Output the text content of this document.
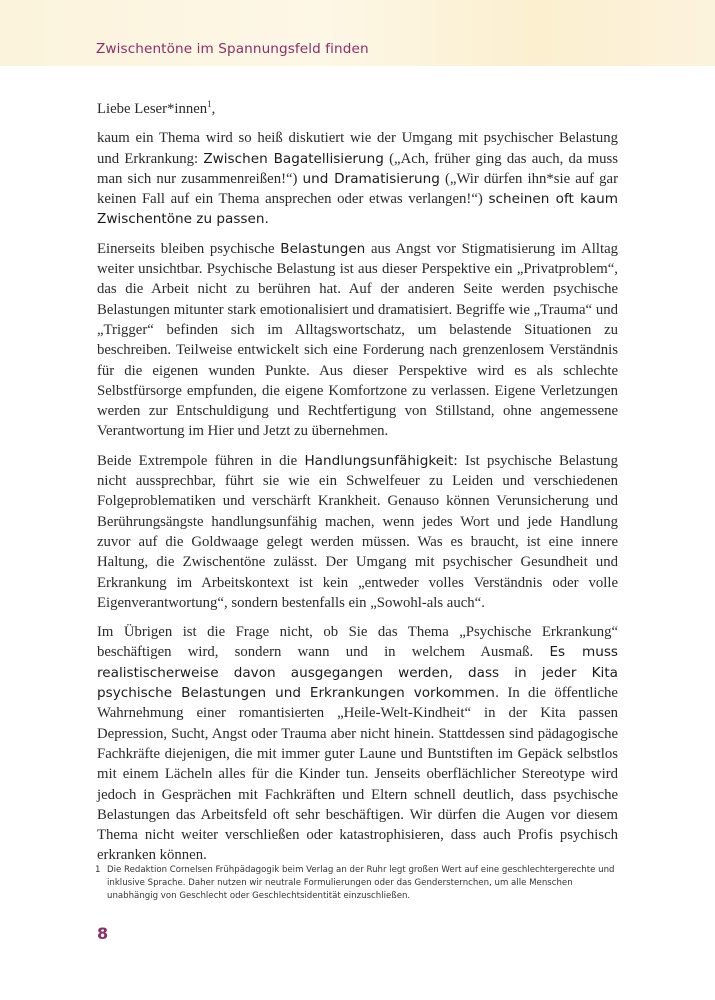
Zwischentöne im Spannungsfeld finden

Liebe Leser*innen$^1$,

kaum ein Thema wird so heiß diskutiert wie der Umgang mit psychischer Belastung und Erkrankung: Zwischen Bagatellisierung („Ach, früher ging das auch, da muss man sich nur zusammenreißen!“) und Dramatisierung („Wir dürfen ihn*sie auf gar keinen Fall auf ein Thema ansprechen oder etwas verlangen!“) scheinen oft kaum Zwischentöne zu passen.

Einerseits bleiben psychische Belastungen aus Angst vor Stigmatisierung im Alltag weiter unsichtbar. Psychische Belastung ist aus dieser Perspektive ein „Privatproblem“, das die Arbeit nicht zu berühren hat. Auf der anderen Seite werden psychische Belastungen mitunter stark emotionalisiert und dramatisiert. Begriffe wie „Trauma“ und „Trigger“ befinden sich im Alltagswortschatz, um belastende Situationen zu beschreiben. Teilweise entwickelt sich eine Forderung nach grenzenlosem Verständnis für die eigenen wunden Punkte. Aus dieser Perspektive wird es als schlechte Selbstfürsorge empfunden, die eigene Komfortzone zu verlassen. Eigene Verletzungen werden zur Entschuldigung und Rechtfertigung von Stillstand, ohne angemessene Verantwortung im Hier und Jetzt zu übernehmen.

Beide Extrempole führen in die Handlungsunfähigkeit: Ist psychische Belastung nicht aussprechbar, führt sie wie ein Schwelfeuer zu Leiden und verschiedenen Folgeproblematiken und verschärft Krankheit. Genauso können Verunsicherung und Berührungsängste handlungsunfähig machen, wenn jedes Wort und jede Handlung zuvor auf die Goldwaage gelegt werden müssen. Was es braucht, ist eine innere Haltung, die Zwischentöne zulässt. Der Umgang mit psychischer Gesundheit und Erkrankung im Arbeitskontext ist kein „entweder volles Verständnis oder volle Eigenverantwortung“, sondern bestenfalls ein „Sowohl-als auch“.

Im Übrigen ist die Frage nicht, ob Sie das Thema „Psychische Erkrankung“ beschäftigen wird, sondern wann und in welchem Ausmaß. Es muss realistischerweise davon ausgegangen werden, dass in jeder Kita psychische Belastungen und Erkrankungen vorkommen. In die öffentliche Wahrnehmung einer romantisierten „Heile-Welt-Kindheit“ in der Kita passen Depression, Sucht, Angst oder Trauma aber nicht hinein. Stattdessen sind pädagogische Fachkräfte diejenigen, die mit immer guter Laune und Buntstiften im Gepäck selbstlos mit einem Lächeln alles für die Kinder tun. Jenseits oberflächlicher Stereotype wird jedoch in Gesprächen mit Fachkräften und Eltern schnell deutlich, dass psychische Belastungen das Arbeitsfeld oft sehr beschäftigen. Wir dürfen die Augen vor diesem Thema nicht weiter verschließen oder katastrophisieren, dass auch Profis psychisch erkranken können.

1 Die Redaktion Cornelsen Frühpädagogik beim Verlag an der Ruhr legt großen Wert auf eine geschlechtergerechte und inklusive Sprache. Daher nutzen wir neutrale Formulierungen oder das Gendersternchen, um alle Menschen unabhängig von Geschlecht oder Geschlechtsidentität einzuschließen.
8
